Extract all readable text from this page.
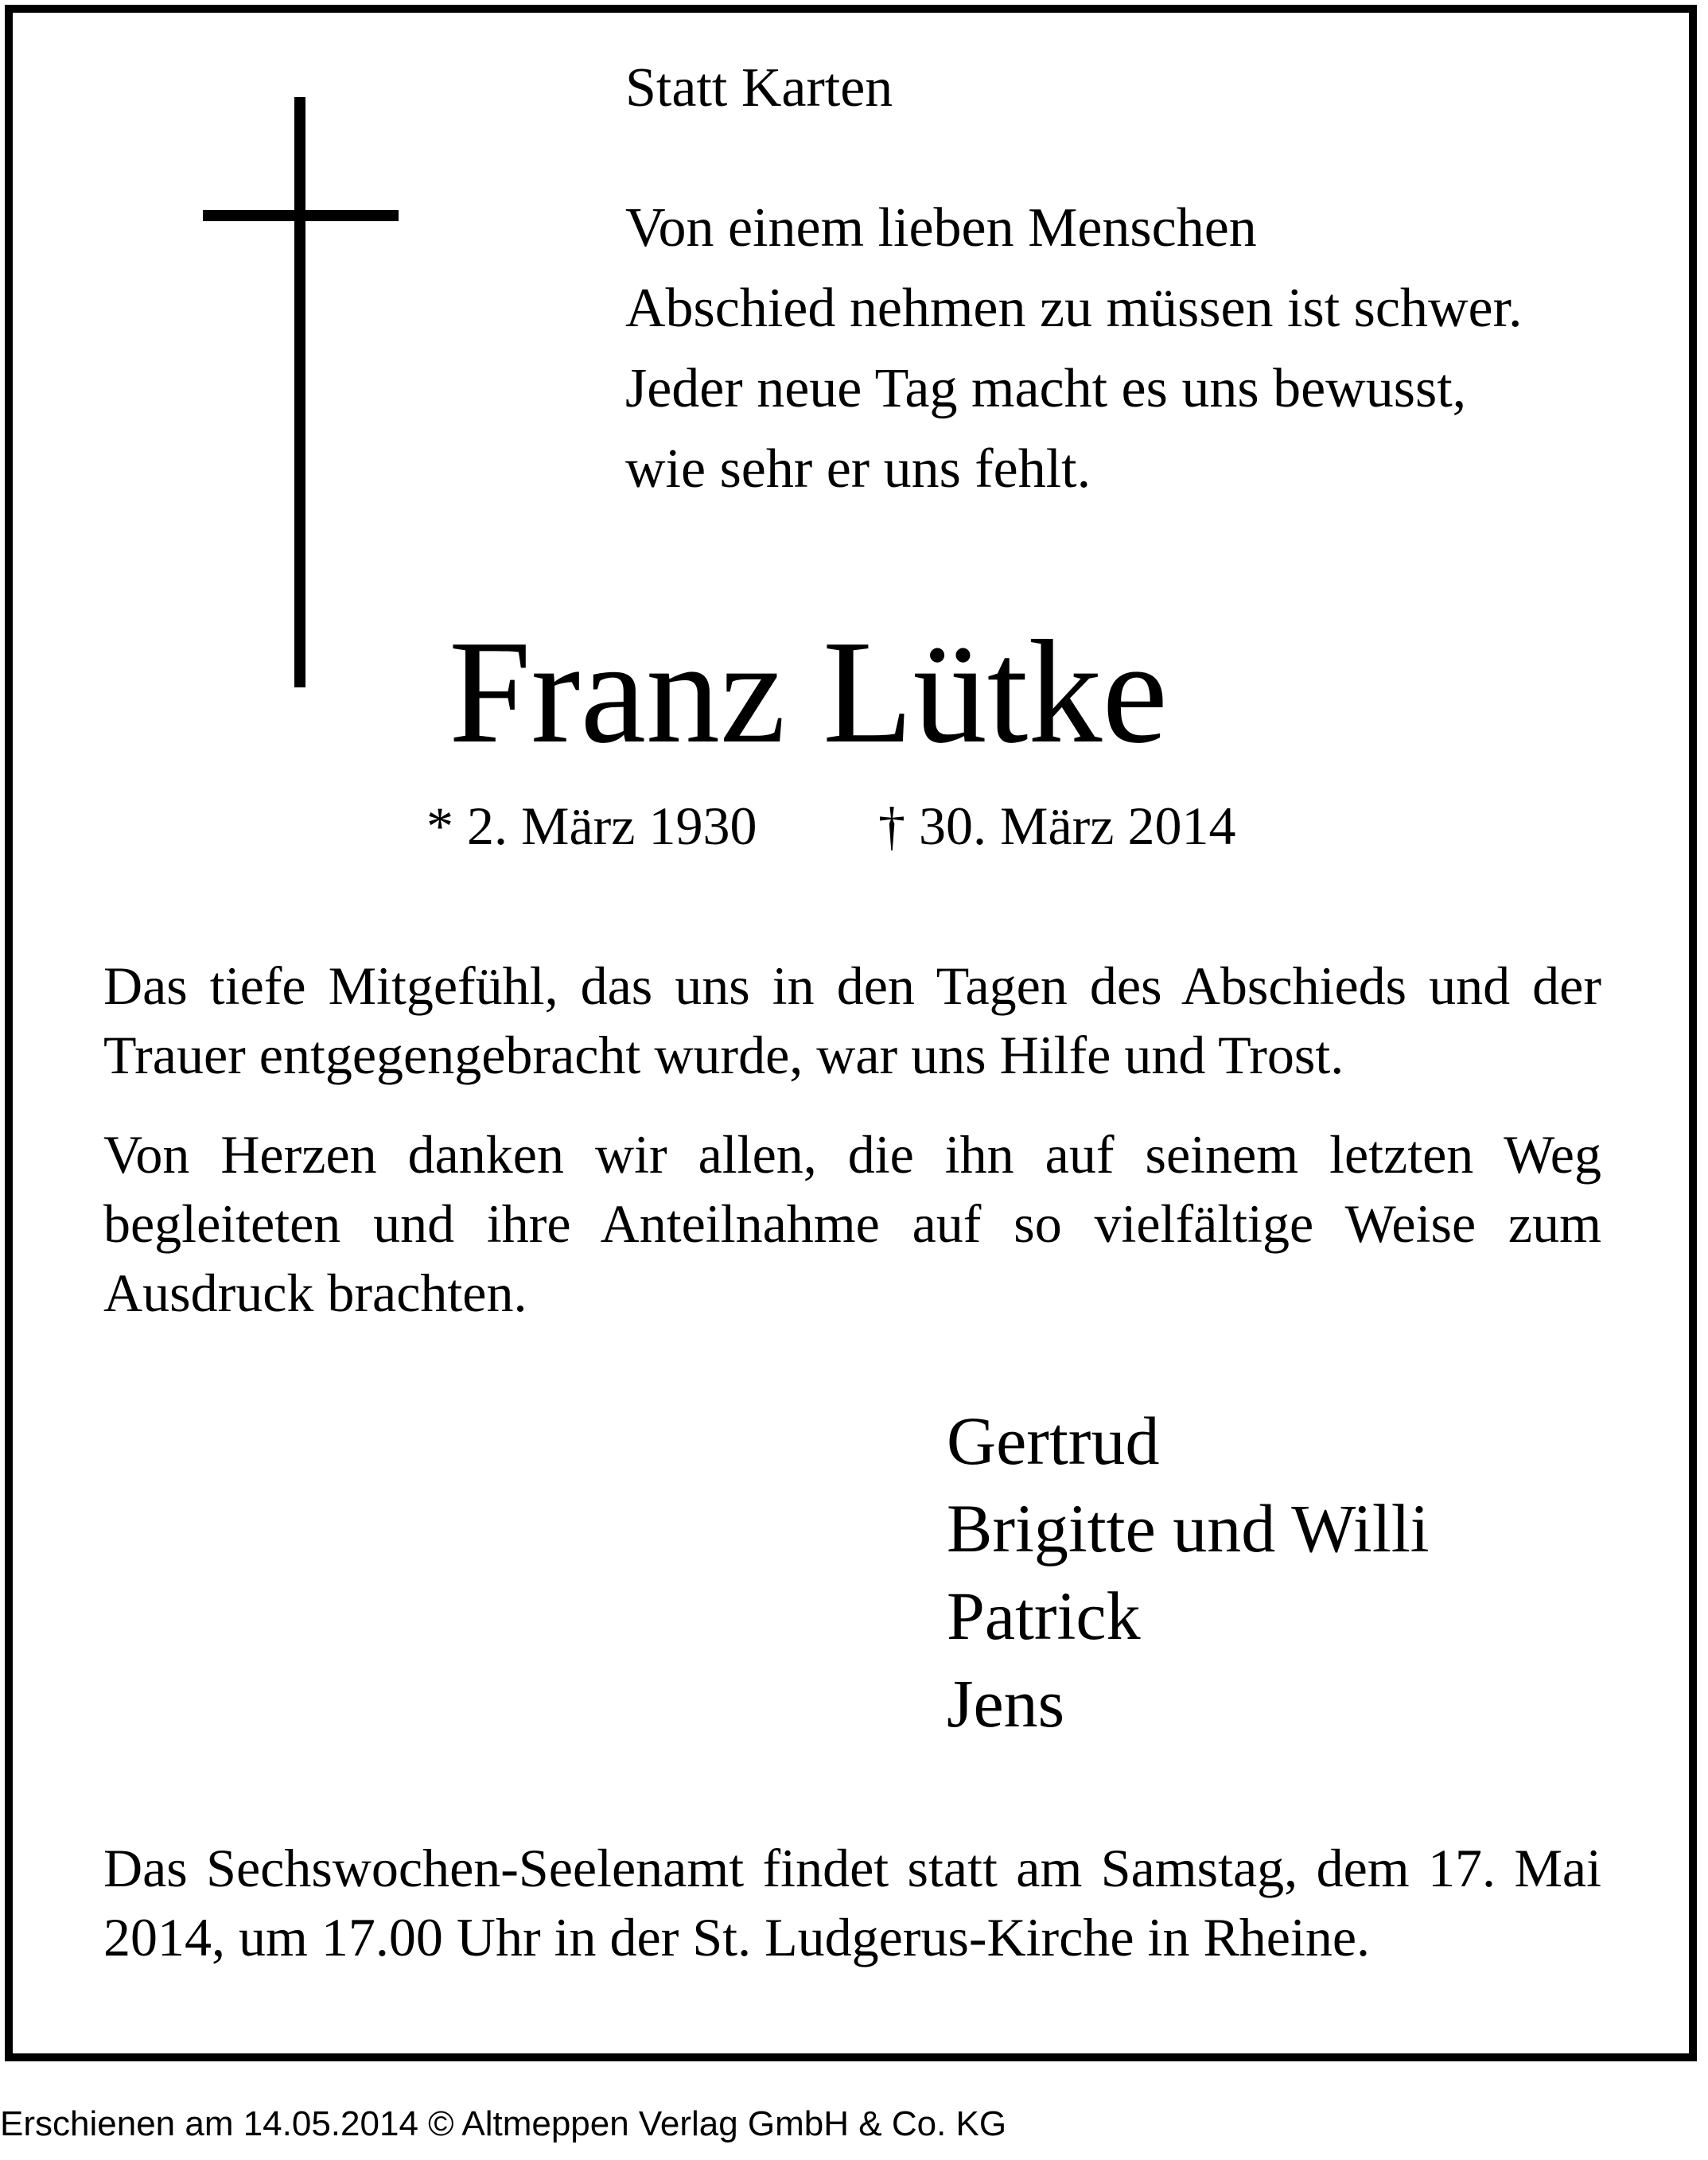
Statt Karten

Von einem lieben Menschen
Abschied nehmen zu müssen ist schwer.
Jeder neue Tag macht es uns bewusst,
wie sehr er uns fehlt.
Franz Lütke
* 2. März 1930 † 30. März 2014

Das tiefe Mitgefühl, das uns in den Tagen des Abschieds und der Trauer entgegengebracht wurde, war uns Hilfe und Trost.

Von Herzen danken wir allen, die ihn auf seinem letzten Weg begleiteten und ihre Anteilnahme auf so vielfältige Weise zum Ausdruck brachten.

Gertrud
Brigitte und Willi
Patrick
Jens

Das Sechswochen-Seelenamt findet statt am Samstag, dem 17. Mai 2014, um 17.00 Uhr in der St. Ludgerus-Kirche in Rheine.

Erschienen am 14.05.2014 © Altmeppen Verlag GmbH & Co. KG
